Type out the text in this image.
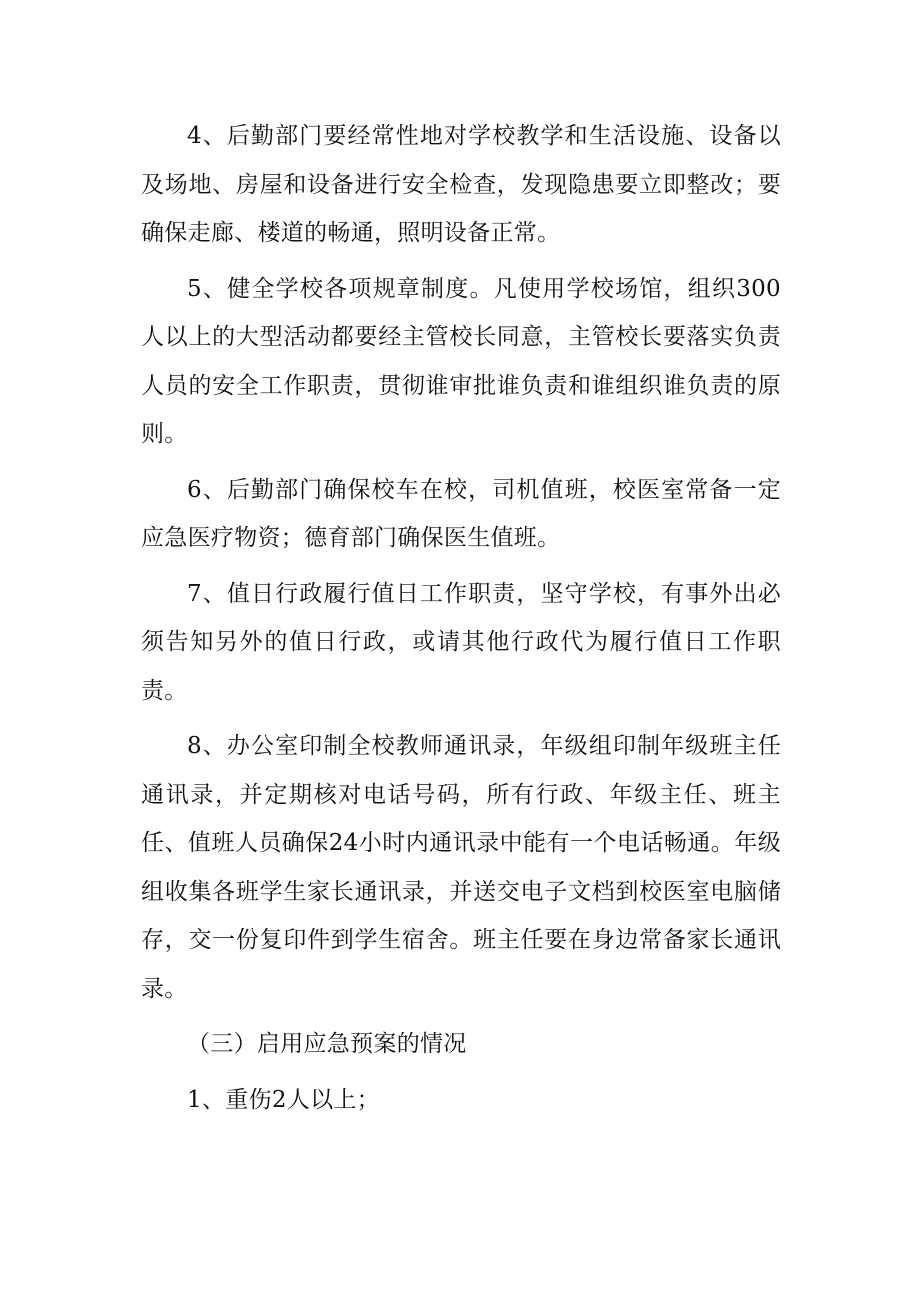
4、后勤部门要经常性地对学校教学和生活设施、设备以及场地、房屋和设备进行安全检查，发现隐患要立即整改；要确保走廊、楼道的畅通，照明设备正常。

5、健全学校各项规章制度。凡使用学校场馆，组织300人以上的大型活动都要经主管校长同意，主管校长要落实负责人员的安全工作职责，贯彻谁审批谁负责和谁组织谁负责的原则。

6、后勤部门确保校车在校，司机值班，校医室常备一定应急医疗物资；德育部门确保医生值班。

7、值日行政履行值日工作职责，坚守学校，有事外出必须告知另外的值日行政，或请其他行政代为履行值日工作职责。

8、办公室印制全校教师通讯录，年级组印制年级班主任通讯录，并定期核对电话号码，所有行政、年级主任、班主任、值班人员确保24小时内通讯录中能有一个电话畅通。年级组收集各班学生家长通讯录，并送交电子文档到校医室电脑储存，交一份复印件到学生宿舍。班主任要在身边常备家长通讯录。

（三）启用应急预案的情况

1、重伤2人以上；
